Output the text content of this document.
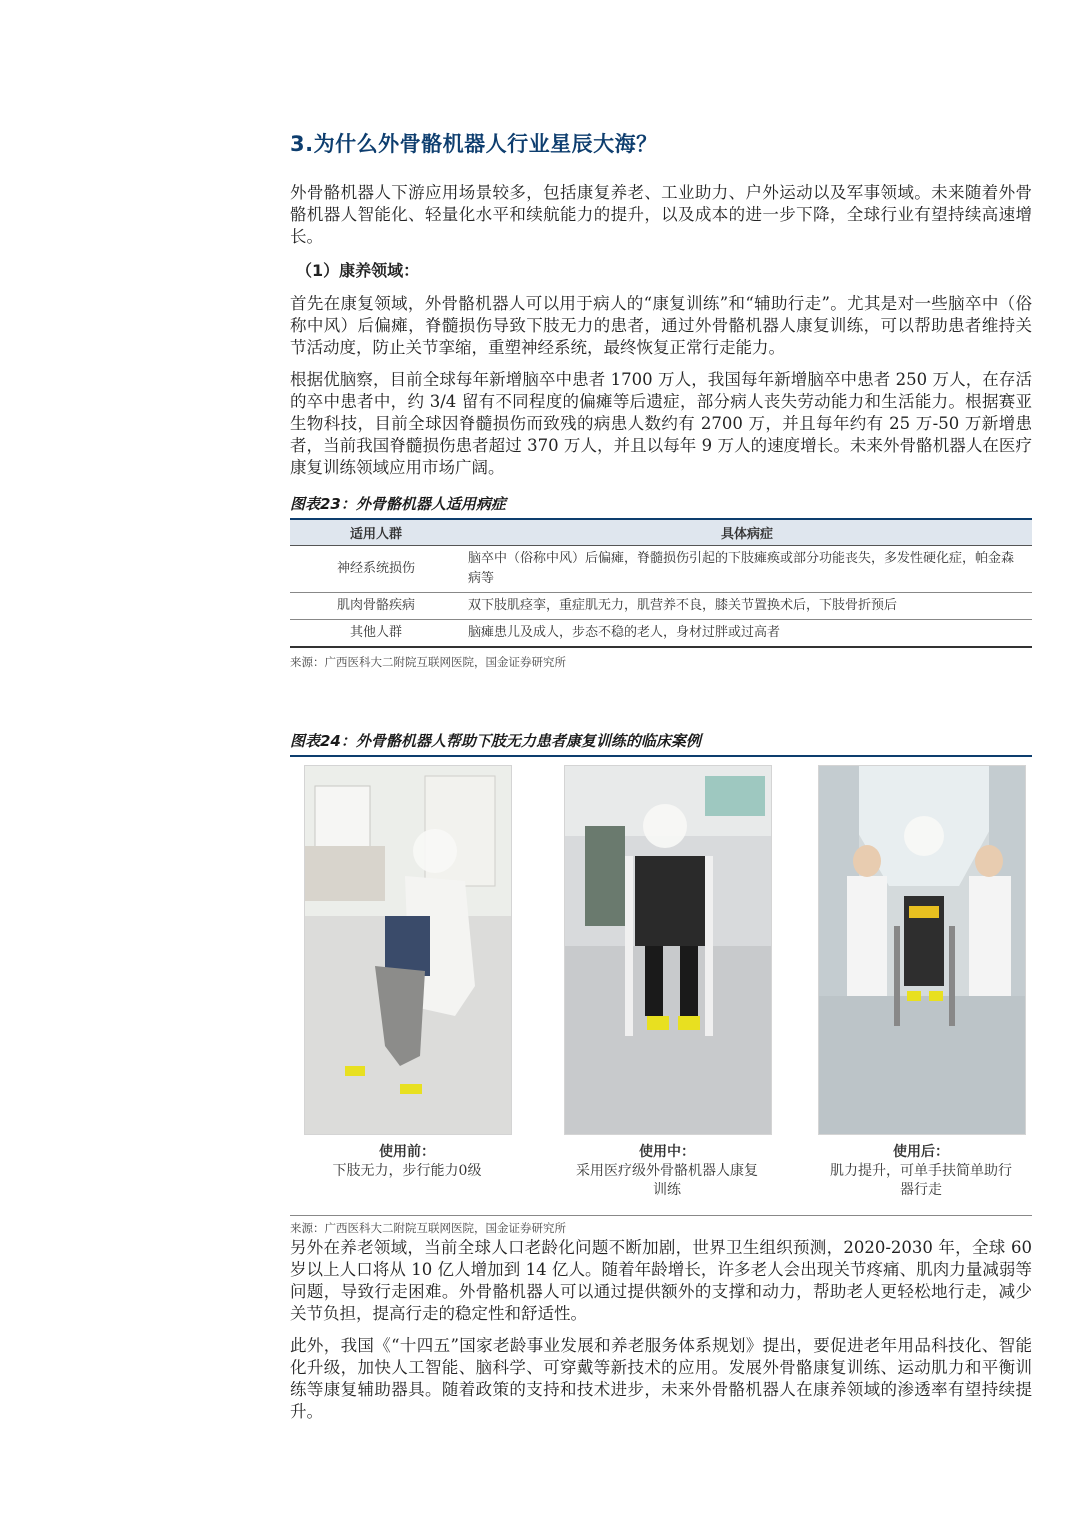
3.为什么外骨骼机器人行业星辰大海？

外骨骼机器人下游应用场景较多，包括康复养老、工业助力、户外运动以及军事领域。未来随着外骨骼机器人智能化、轻量化水平和续航能力的提升，以及成本的进一步下降，全球行业有望持续高速增长。

（1）康养领域：

首先在康复领域，外骨骼机器人可以用于病人的“康复训练”和“辅助行走”。尤其是对一些脑卒中（俗称中风）后偏瘫，脊髓损伤导致下肢无力的患者，通过外骨骼机器人康复训练，可以帮助患者维持关节活动度，防止关节挛缩，重塑神经系统，最终恢复正常行走能力。

根据优脑察，目前全球每年新增脑卒中患者 1700 万人，我国每年新增脑卒中患者 250 万人，在存活的卒中患者中，约 3/4 留有不同程度的偏瘫等后遗症，部分病人丧失劳动能力和生活能力。根据赛亚生物科技，目前全球因脊髓损伤而致残的病患人数约有 2700 万，并且每年约有 25 万-50 万新增患者，当前我国脊髓损伤患者超过 370 万人，并且以每年 9 万人的速度增长。未来外骨骼机器人在医疗康复训练领域应用市场广阔。

图表23：外骨骼机器人适用病症
适用人群	具体病症
神经系统损伤	脑卒中（俗称中风）后偏瘫，脊髓损伤引起的下肢瘫痪或部分功能丧失，多发性硬化症，帕金森病等
肌肉骨骼疾病	双下肢肌痉挛，重症肌无力，肌营养不良，膝关节置换术后，下肢骨折预后
其他人群	脑瘫患儿及成人，步态不稳的老人，身材过胖或过高者

来源：广西医科大二附院互联网医院，国金证券研究所

图表24：外骨骼机器人帮助下肢无力患者康复训练的临床案例
使用前：
下肢无力，步行能力0级
使用中：
采用医疗级外骨骼机器人康复训练
使用后：
肌力提升，可单手扶简单助行器行走

来源：广西医科大二附院互联网医院，国金证券研究所

另外在养老领域，当前全球人口老龄化问题不断加剧，世界卫生组织预测，2020-2030 年，全球 60 岁以上人口将从 10 亿人增加到 14 亿人。随着年龄增长，许多老人会出现关节疼痛、肌肉力量减弱等问题，导致行走困难。外骨骼机器人可以通过提供额外的支撑和动力，帮助老人更轻松地行走，减少关节负担，提高行走的稳定性和舒适性。

此外，我国《“十四五”国家老龄事业发展和养老服务体系规划》提出，要促进老年用品科技化、智能化升级，加快人工智能、脑科学、可穿戴等新技术的应用。发展外骨骼康复训练、运动肌力和平衡训练等康复辅助器具。随着政策的支持和技术进步，未来外骨骼机器人在康养领域的渗透率有望持续提升。
